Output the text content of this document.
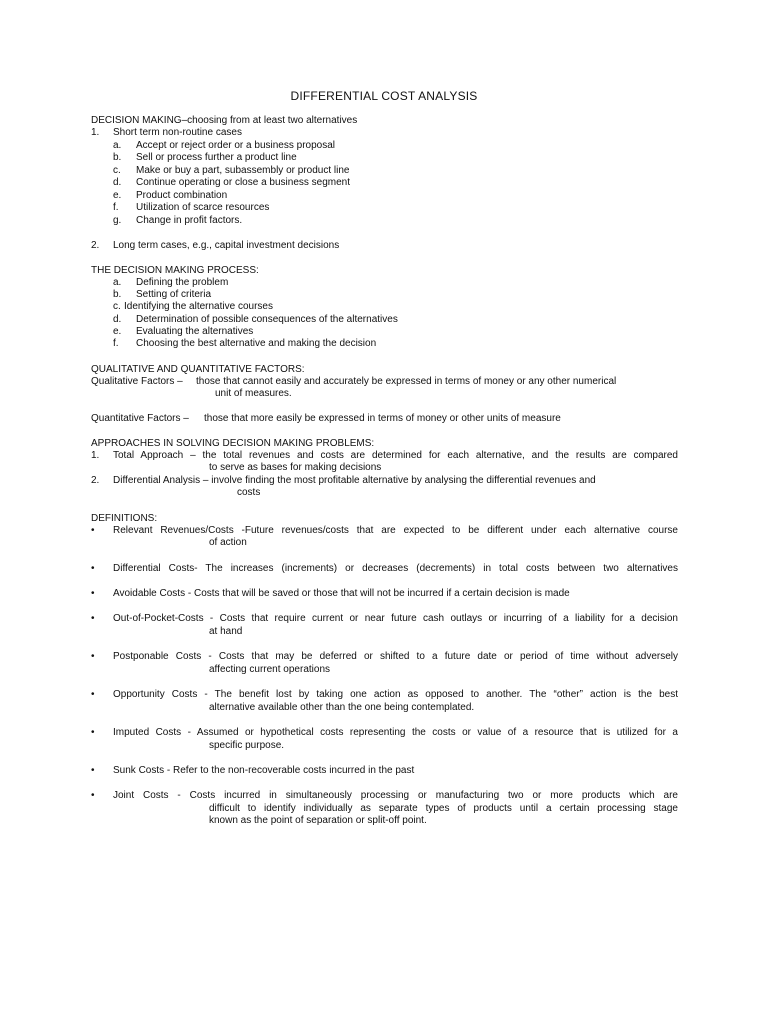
DIFFERENTIAL COST ANALYSIS
DECISION MAKING–choosing from at least two alternatives
1. Short term non-routine cases
a. Accept or reject order or a business proposal
b. Sell or process further a product line
c. Make or buy a part, subassembly or product line
d. Continue operating or close a business segment
e. Product combination
f. Utilization of scarce resources
g. Change in profit factors.
2. Long term cases, e.g., capital investment decisions
THE DECISION MAKING PROCESS:
a. Defining the problem
b. Setting of criteria
c. Identifying the alternative courses
d. Determination of possible consequences of the alternatives
e. Evaluating the alternatives
f. Choosing the best alternative and making the decision
QUALITATIVE AND QUANTITATIVE FACTORS:
Qualitative Factors – those that cannot easily and accurately be expressed in terms of money or any other numerical
unit of measures.
Quantitative Factors – those that more easily be expressed in terms of money or other units of measure
APPROACHES IN SOLVING DECISION MAKING PROBLEMS:
1. Total Approach – the total revenues and costs are determined for each alternative, and the results are compared
to serve as bases for making decisions
2. Differential Analysis – involve finding the most profitable alternative by analysing the differential revenues and
costs
DEFINITIONS:
• Relevant Revenues/Costs -Future revenues/costs that are expected to be different under each alternative course
of action
• Differential Costs- The increases (increments) or decreases (decrements) in total costs between two alternatives
• Avoidable Costs - Costs that will be saved or those that will not be incurred if a certain decision is made
• Out-of-Pocket-Costs - Costs that require current or near future cash outlays or incurring of a liability for a decision
at hand
• Postponable Costs - Costs that may be deferred or shifted to a future date or period of time without adversely
affecting current operations
• Opportunity Costs - The benefit lost by taking one action as opposed to another. The “other” action is the best
alternative available other than the one being contemplated.
• Imputed Costs - Assumed or hypothetical costs representing the costs or value of a resource that is utilized for a
specific purpose.
• Sunk Costs - Refer to the non-recoverable costs incurred in the past
• Joint Costs - Costs incurred in simultaneously processing or manufacturing two or more products which are
difficult to identify individually as separate types of products until a certain processing stage
known as the point of separation or split-off point.
